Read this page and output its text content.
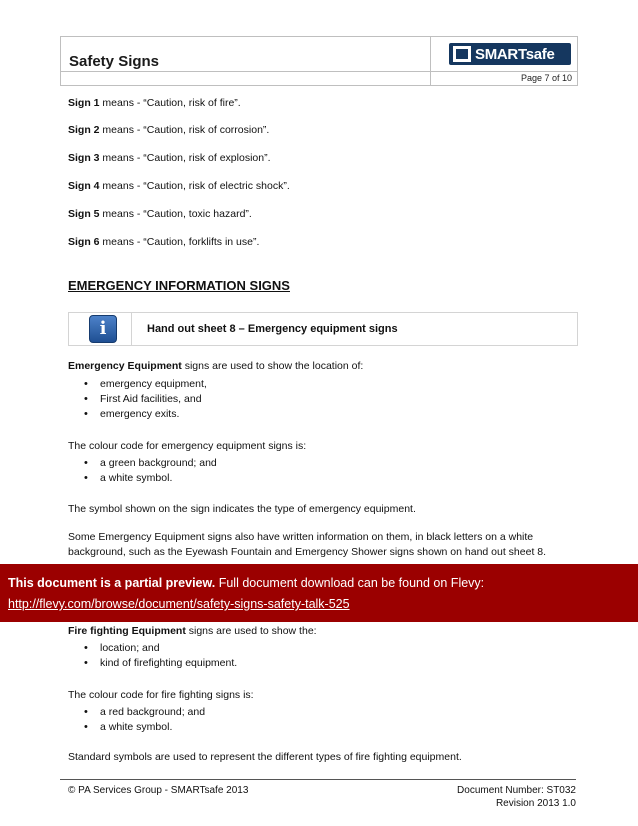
Safety Signs	SMARTsafe
Page 7 of 10
Sign 1 means - “Caution, risk of fire”.
Sign 2 means - “Caution, risk of corrosion”.
Sign 3 means - “Caution, risk of explosion”.
Sign 4 means - “Caution, risk of electric shock”.
Sign 5 means - “Caution, toxic hazard”.
Sign 6 means - “Caution, forklifts in use”.
EMERGENCY INFORMATION SIGNS
i	Hand out sheet 8 – Emergency equipment signs
Emergency Equipment signs are used to show the location of:
• emergency equipment,
• First Aid facilities, and
• emergency exits.
The colour code for emergency equipment signs is:
• a green background; and
• a white symbol.
The symbol shown on the sign indicates the type of emergency equipment.
Some Emergency Equipment signs also have written information on them, in black letters on a white
background, such as the Eyewash Fountain and Emergency Shower signs shown on hand out sheet 8.
This document is a partial preview. Full document download can be found on Flevy:
http://flevy.com/browse/document/safety-signs-safety-talk-525
Fire fighting Equipment signs are used to show the:
• location; and
• kind of firefighting equipment.
The colour code for fire fighting signs is:
• a red background; and
• a white symbol.
Standard symbols are used to represent the different types of fire fighting equipment.
© PA Services Group - SMARTsafe 2013	Document Number: ST032
Revision 2013 1.0
